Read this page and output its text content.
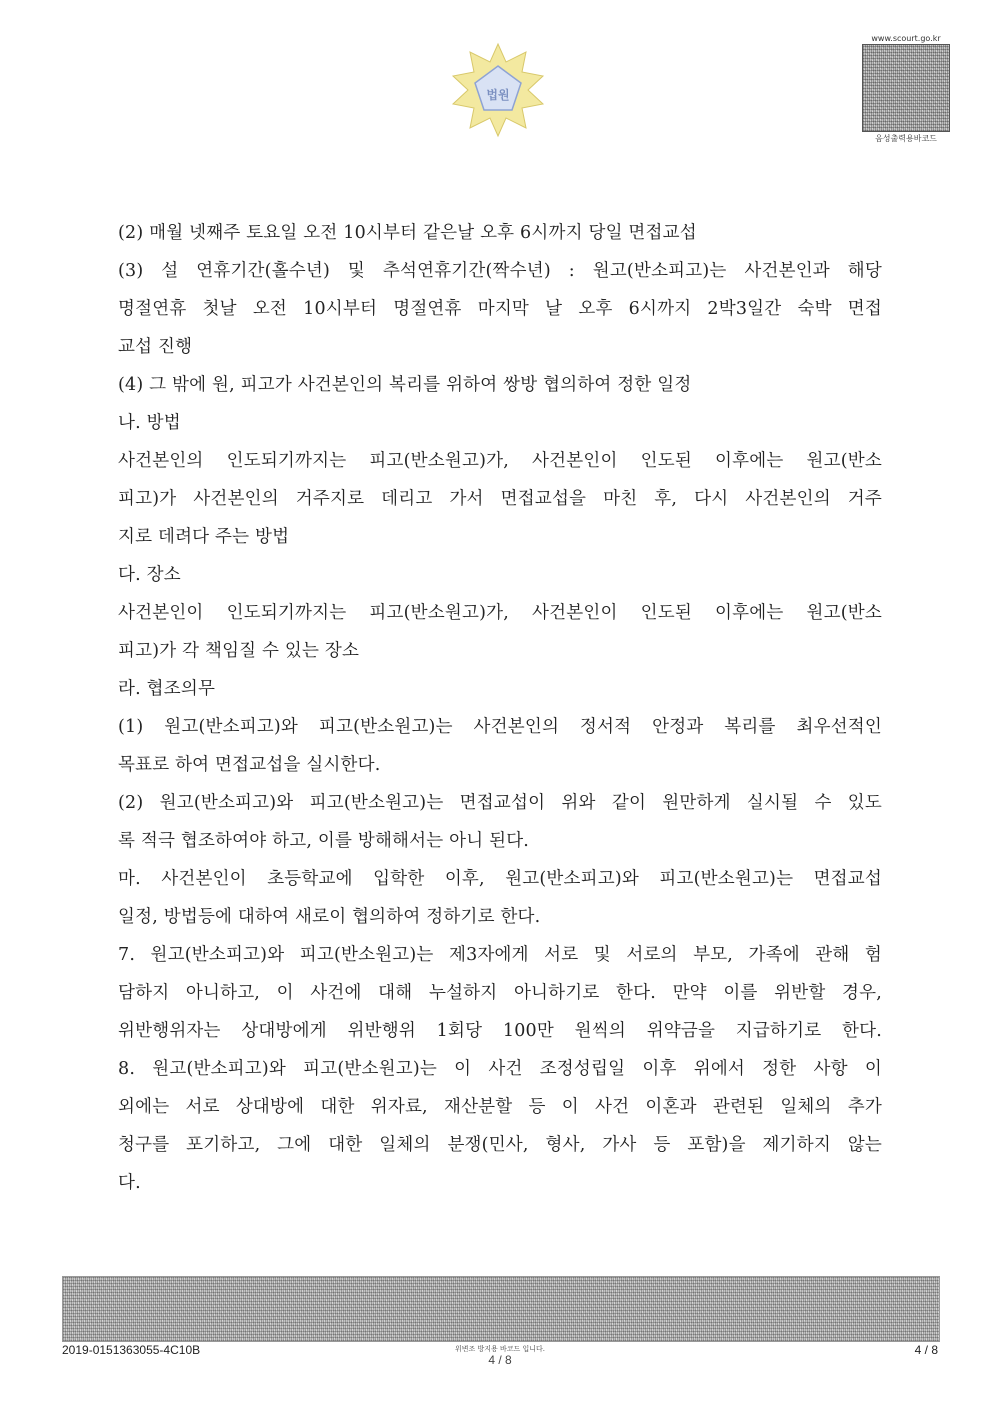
법원
www.scourt.go.kr
음성출력용바코드
(2) 매월 넷째주 토요일 오전 10시부터 같은날 오후 6시까지 당일 면접교섭
(3) 설 연휴기간(홀수년) 및 추석연휴기간(짝수년) : 원고(반소피고)는 사건본인과 해당
명절연휴 첫날 오전 10시부터 명절연휴 마지막 날 오후 6시까지 2박3일간 숙박 면접
교섭 진행
(4) 그 밖에 원, 피고가 사건본인의 복리를 위하여 쌍방 협의하여 정한 일정
나. 방법
사건본인의 인도되기까지는 피고(반소원고)가, 사건본인이 인도된 이후에는 원고(반소
피고)가 사건본인의 거주지로 데리고 가서 면접교섭을 마친 후, 다시 사건본인의 거주
지로 데려다 주는 방법
다. 장소
사건본인이 인도되기까지는 피고(반소원고)가, 사건본인이 인도된 이후에는 원고(반소
피고)가 각 책임질 수 있는 장소
라. 협조의무
(1) 원고(반소피고)와 피고(반소원고)는 사건본인의 정서적 안정과 복리를 최우선적인
목표로 하여 면접교섭을 실시한다.
(2) 원고(반소피고)와 피고(반소원고)는 면접교섭이 위와 같이 원만하게 실시될 수 있도
록 적극 협조하여야 하고, 이를 방해해서는 아니 된다.
마. 사건본인이 초등학교에 입학한 이후, 원고(반소피고)와 피고(반소원고)는 면접교섭
일정, 방법등에 대하여 새로이 협의하여 정하기로 한다.
7. 원고(반소피고)와 피고(반소원고)는 제3자에게 서로 및 서로의 부모, 가족에 관해 험
담하지 아니하고, 이 사건에 대해 누설하지 아니하기로 한다. 만약 이를 위반할 경우,
위반행위자는 상대방에게 위반행위 1회당 100만 원씩의 위약금을 지급하기로 한다.
8. 원고(반소피고)와 피고(반소원고)는 이 사건 조정성립일 이후 위에서 정한 사항 이
외에는 서로 상대방에 대한 위자료, 재산분할 등 이 사건 이혼과 관련된 일체의 추가
청구를 포기하고, 그에 대한 일체의 분쟁(민사, 형사, 가사 등 포함)을 제기하지 않는
다.
2019-0151363055-4C10B	위변조 방지용 바코드 입니다.
4 / 8
4 / 8
